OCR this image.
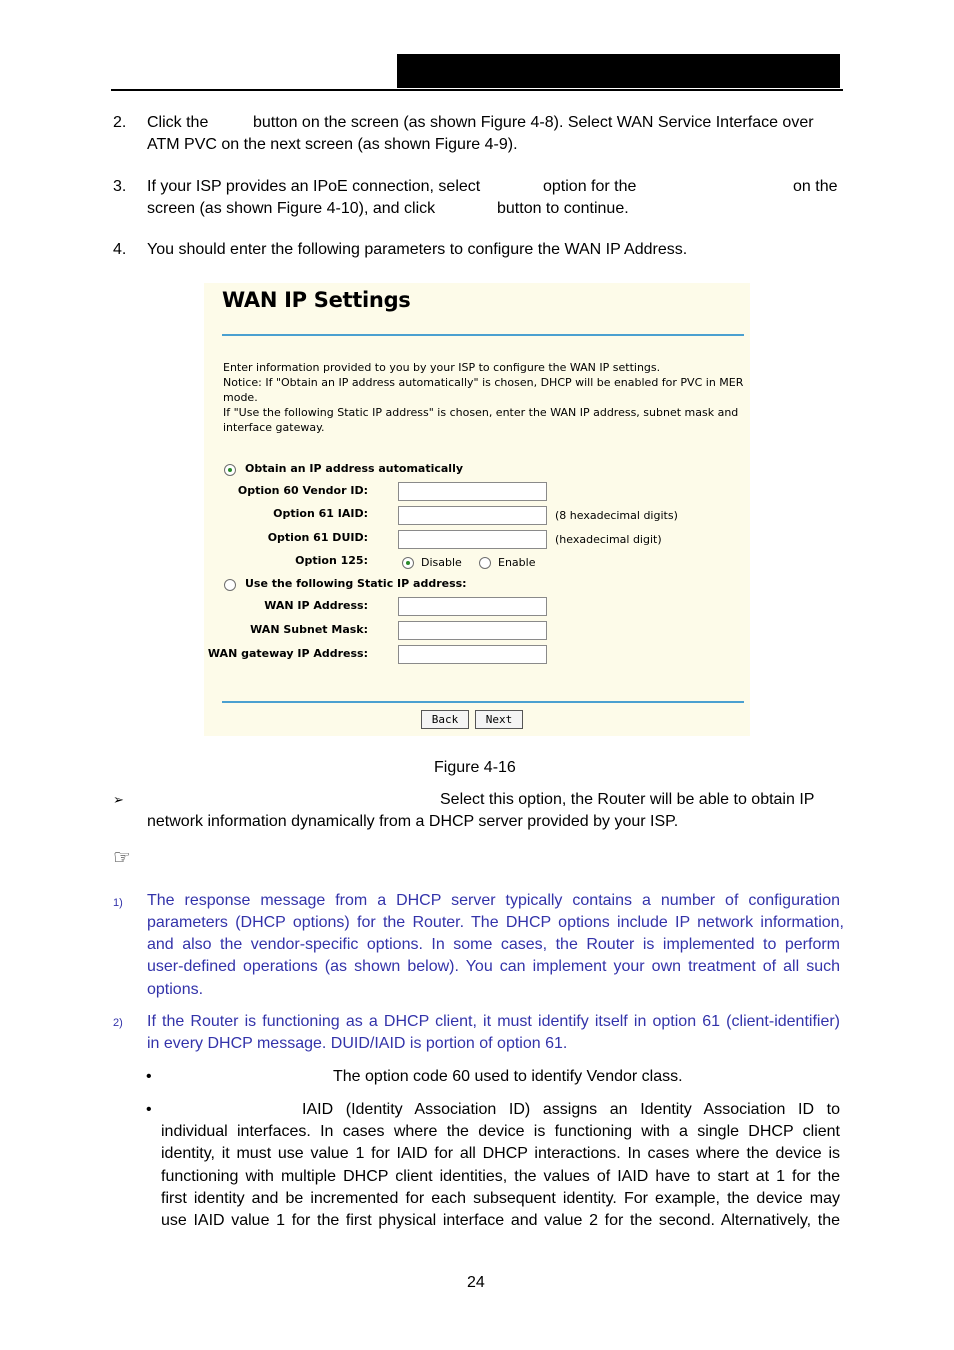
2. Click the	button on the screen (as shown Figure 4-8). Select WAN Service Interface over
ATM PVC on the next screen (as shown Figure 4-9).
3. If your ISP provides an IPoE connection, select	option for the	on the
screen (as shown Figure 4-10), and click	button to continue.
4. You should enter the following parameters to configure the WAN IP Address.
WAN IP Settings
Enter information provided to you by your ISP to configure the WAN IP settings.
Notice: If "Obtain an IP address automatically" is chosen, DHCP will be enabled for PVC in MER
mode.
If "Use the following Static IP address" is chosen, enter the WAN IP address, subnet mask and
interface gateway.
Obtain an IP address automatically
Option 60 Vendor ID:
Option 61 IAID:	(8 hexadecimal digits)
Option 61 DUID:	(hexadecimal digit)
Option 125:	Disable	Enable
Use the following Static IP address:
WAN IP Address:
WAN Subnet Mask:
WAN gateway IP Address:
Back	Next
Figure 4-16
➢	Select this option, the Router will be able to obtain IP
network information dynamically from a DHCP server provided by your ISP.
☞
1) The response message from a DHCP server typically contains a number of configuration
parameters (DHCP options) for the Router. The DHCP options include IP network information,
and also the vendor-specific options. In some cases, the Router is implemented to perform
user-defined operations (as shown below). You can implement your own treatment of all such
options.
2) If the Router is functioning as a DHCP client, it must identify itself in option 61 (client-identifier)
in every DHCP message. DUID/IAID is portion of option 61.
•	The option code 60 used to identify Vendor class.
•	IAID (Identity Association ID) assigns an Identity Association ID to
individual interfaces. In cases where the device is functioning with a single DHCP client
identity, it must use value 1 for IAID for all DHCP interactions. In cases where the device is
functioning with multiple DHCP client identities, the values of IAID have to start at 1 for the
first identity and be incremented for each subsequent identity. For example, the device may
use IAID value 1 for the first physical interface and value 2 for the second. Alternatively, the
24
